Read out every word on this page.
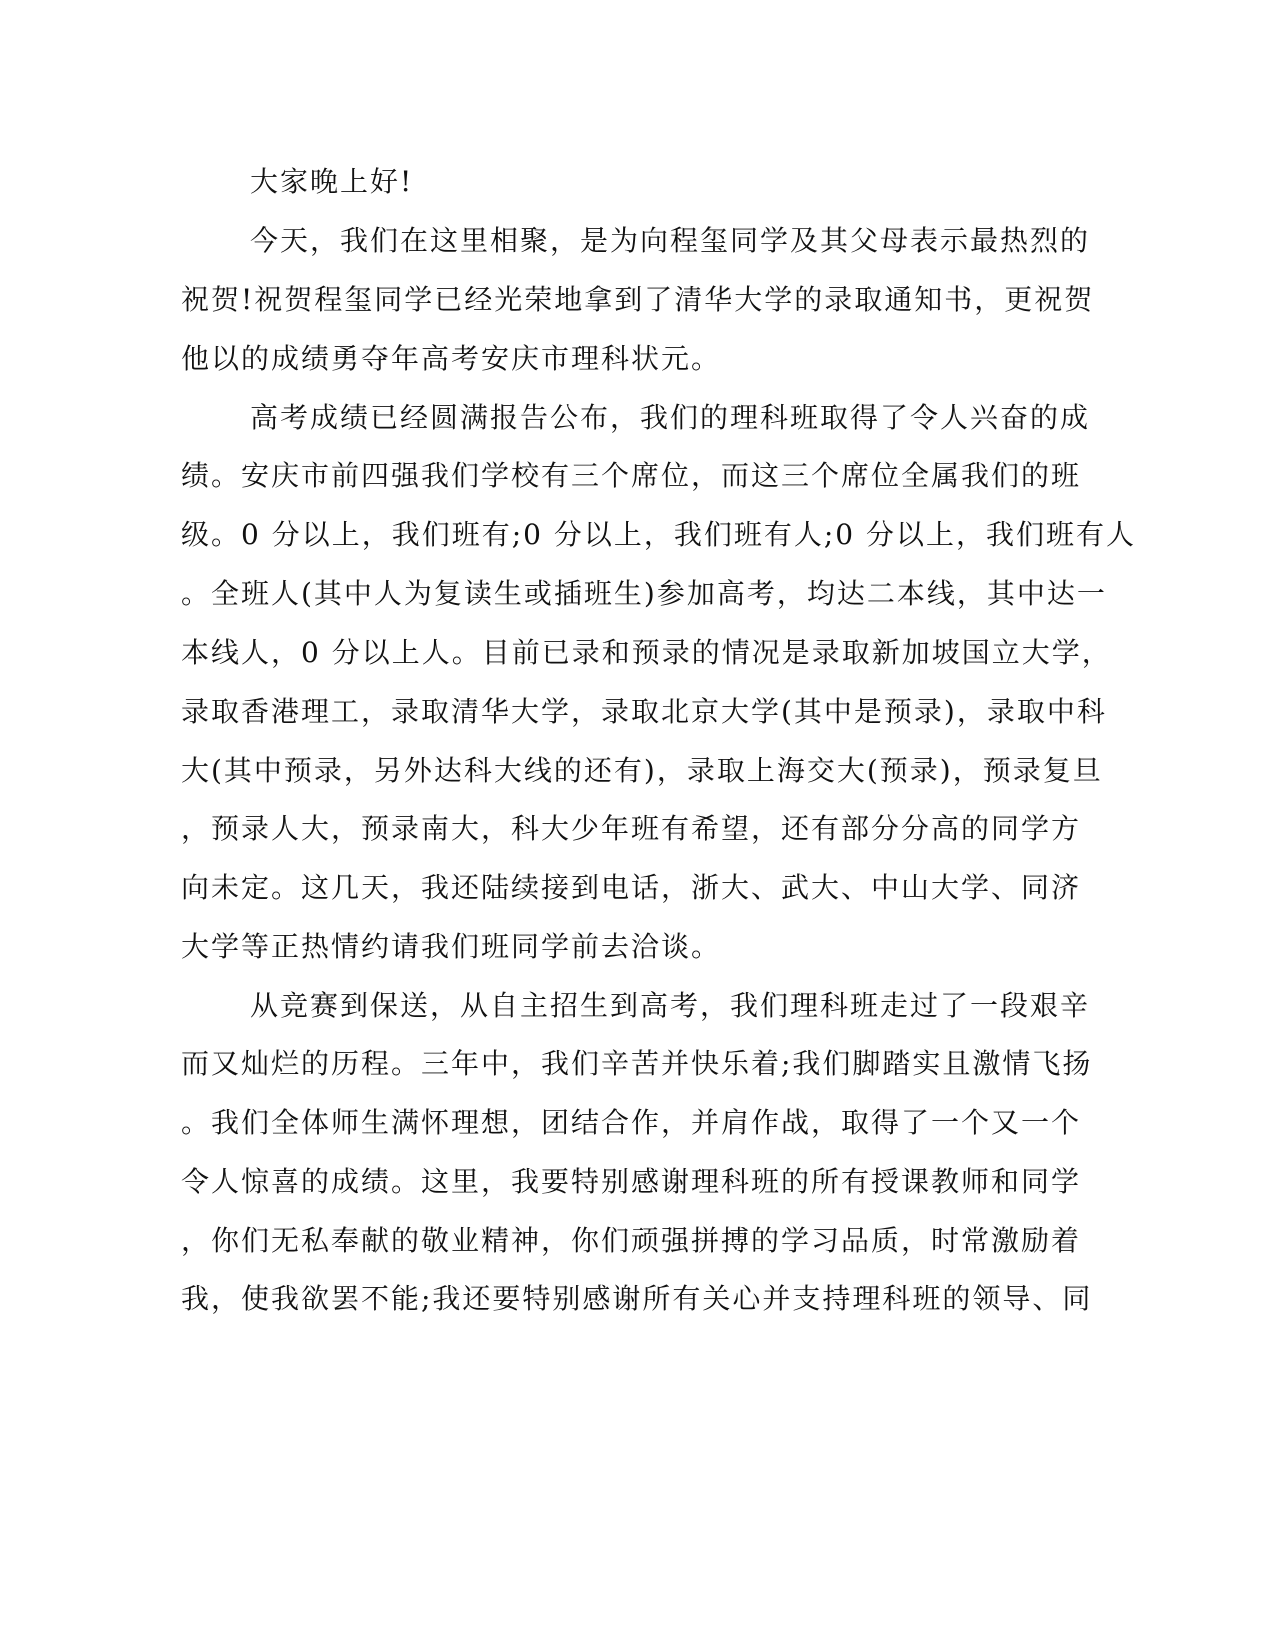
大家晚上好!
今天，我们在这里相聚，是为向程玺同学及其父母表示最热烈的
祝贺!祝贺程玺同学已经光荣地拿到了清华大学的录取通知书，更祝贺
他以的成绩勇夺年高考安庆市理科状元。
高考成绩已经圆满报告公布，我们的理科班取得了令人兴奋的成
绩。安庆市前四强我们学校有三个席位，而这三个席位全属我们的班
级。0 分以上，我们班有;0 分以上，我们班有人;0 分以上，我们班有人
。全班人(其中人为复读生或插班生)参加高考，均达二本线，其中达一
本线人，0 分以上人。目前已录和预录的情况是录取新加坡国立大学，
录取香港理工，录取清华大学，录取北京大学(其中是预录)，录取中科
大(其中预录，另外达科大线的还有)，录取上海交大(预录)，预录复旦
，预录人大，预录南大，科大少年班有希望，还有部分分高的同学方
向未定。这几天，我还陆续接到电话，浙大、武大、中山大学、同济
大学等正热情约请我们班同学前去洽谈。
从竞赛到保送，从自主招生到高考，我们理科班走过了一段艰辛
而又灿烂的历程。三年中，我们辛苦并快乐着;我们脚踏实且激情飞扬
。我们全体师生满怀理想，团结合作，并肩作战，取得了一个又一个
令人惊喜的成绩。这里，我要特别感谢理科班的所有授课教师和同学
，你们无私奉献的敬业精神，你们顽强拼搏的学习品质，时常激励着
我，使我欲罢不能;我还要特别感谢所有关心并支持理科班的领导、同
